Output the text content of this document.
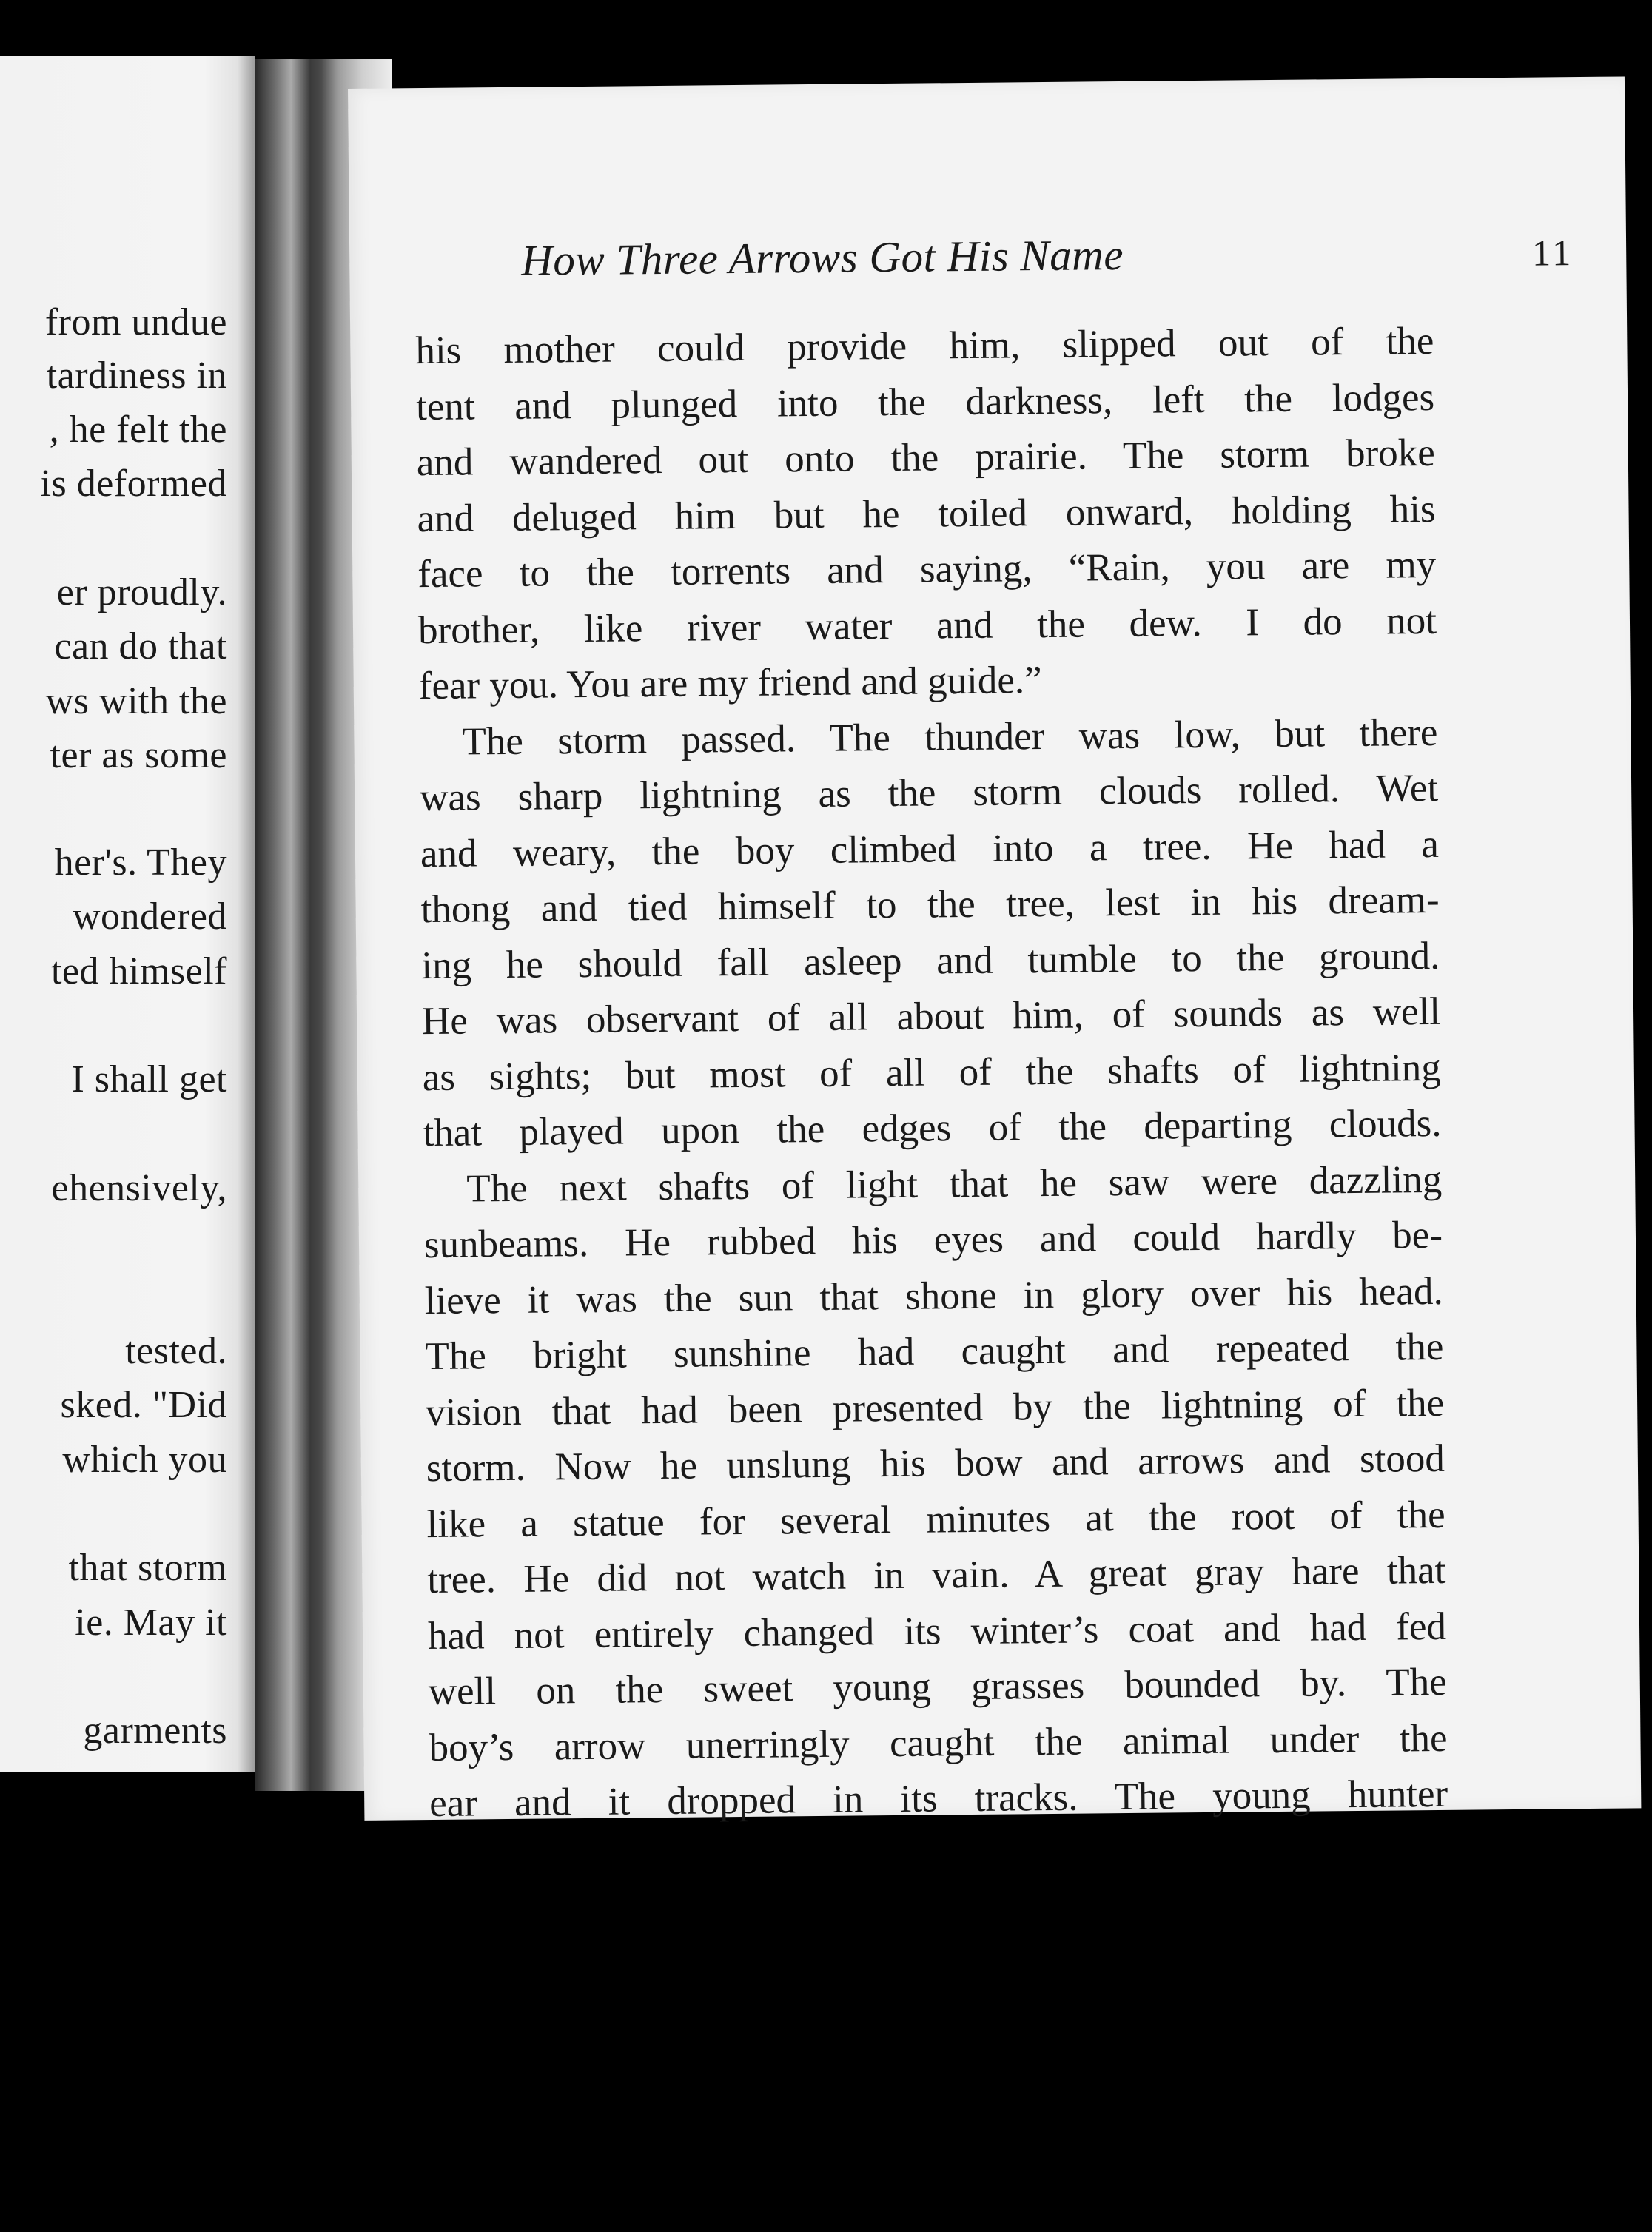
from undue
tardiness in
, he felt the
is deformed
er proudly.
can do that
ws with the
ter as some
her's. They
wondered
ted himself
I shall get
ehensively,
tested.
sked. "Did
which you
that storm
ie. May it
garments
How Three Arrows Got His Name	11
his mother could provide him, slipped out of the
tent and plunged into the darkness, left the lodges
and wandered out onto the prairie. The storm broke
and deluged him but he toiled onward, holding his
face to the torrents and saying, “Rain, you are my
brother, like river water and the dew. I do not
fear you. You are my friend and guide.”
The storm passed. The thunder was low, but there
was sharp lightning as the storm clouds rolled. Wet
and weary, the boy climbed into a tree. He had a
thong and tied himself to the tree, lest in his dream-
ing he should fall asleep and tumble to the ground.
He was observant of all about him, of sounds as well
as sights; but most of all of the shafts of lightning
that played upon the edges of the departing clouds.
The next shafts of light that he saw were dazzling
sunbeams. He rubbed his eyes and could hardly be-
lieve it was the sun that shone in glory over his head.
The bright sunshine had caught and repeated the
vision that had been presented by the lightning of the
storm. Now he unslung his bow and arrows and stood
like a statue for several minutes at the root of the
tree. He did not watch in vain. A great gray hare that
had not entirely changed its winter’s coat and had fed
well on the sweet young grasses bounded by. The
boy’s arrow unerringly caught the animal under the
ear and it dropped in its tracks. The young hunter
